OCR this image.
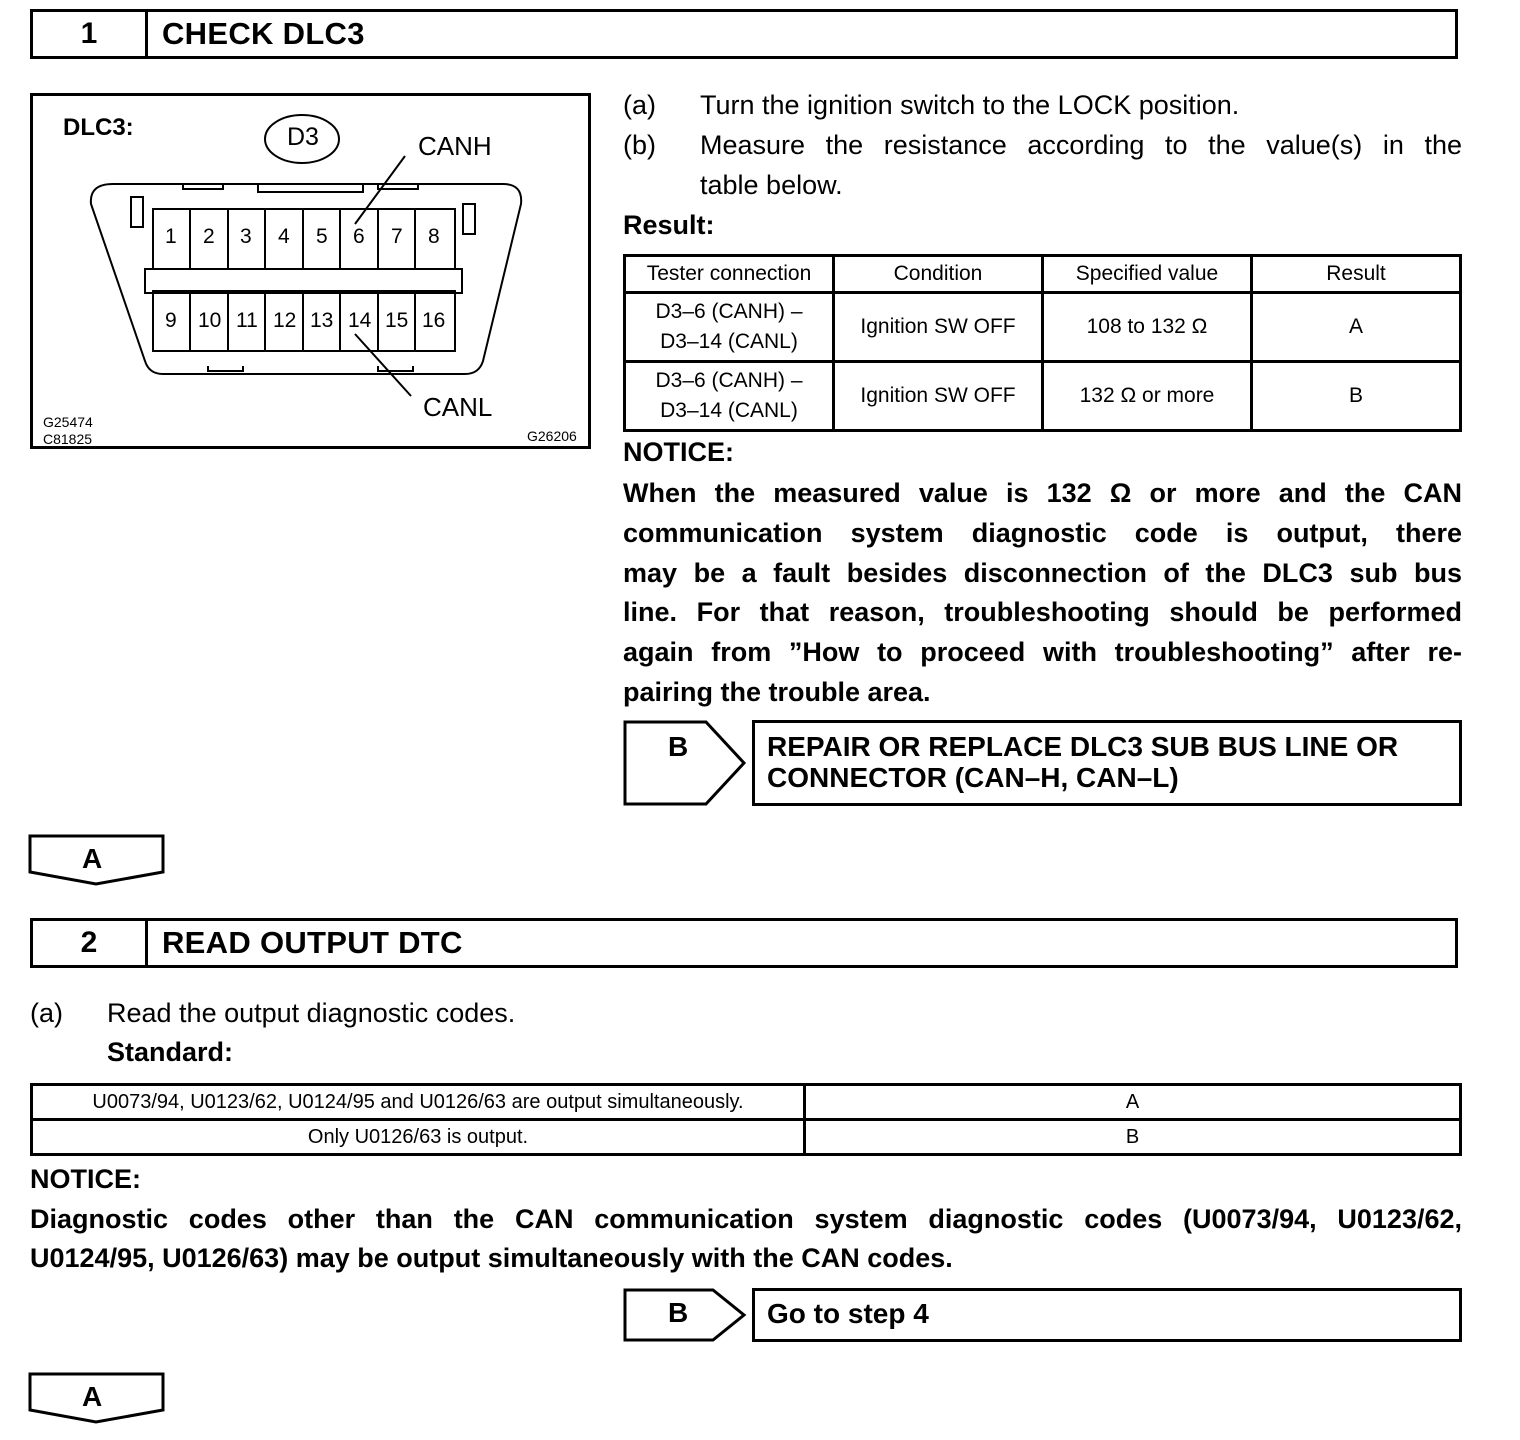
1	CHECK DLC3
DLC3:	D3	CANH
CANL
1 2 3 4 5 6 7 8
9 10 11 12 13 14 15 16
G25474
C81825	G26206
(a) Turn the ignition switch to the LOCK position.
(b) Measure the resistance according to the value(s) in the
table below.
Result:
Tester connection	Condition	Specified value	Result

D3–6 (CANH) –
D3–14 (CANL)	Ignition SW OFF	108 to 132 Ω	A

D3–6 (CANH) –
D3–14 (CANL)	Ignition SW OFF	132 Ω or more	B
NOTICE:
When the measured value is 132 Ω or more and the CAN
communication system diagnostic code is output, there
may be a fault besides disconnection of the DLC3 sub bus
line. For that reason, troubleshooting should be performed
again from ”How to proceed with troubleshooting” after re-
pairing the trouble area.
B	REPAIR OR REPLACE DLC3 SUB BUS LINE OR
CONNECTOR (CAN–H, CAN–L)
A
2	READ OUTPUT DTC
(a) Read the output diagnostic codes.
Standard:
U0073/94, U0123/62, U0124/95 and U0126/63 are output simultaneously.	A
Only U0126/63 is output.	B
NOTICE:
Diagnostic codes other than the CAN communication system diagnostic codes (U0073/94, U0123/62,
U0124/95, U0126/63) may be output simultaneously with the CAN codes.
B	Go to step 4
A
